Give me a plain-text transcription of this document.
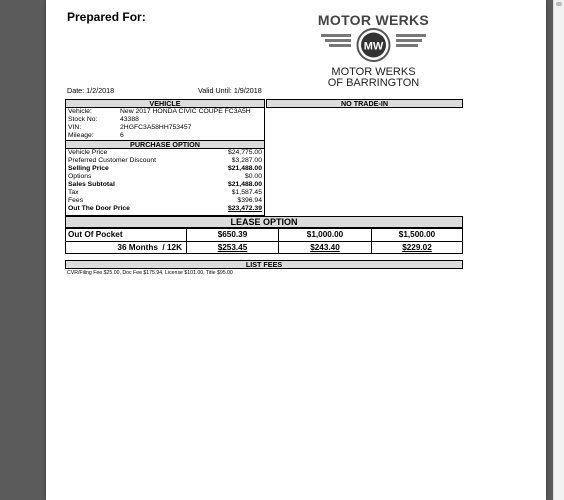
Prepared For:	MOTOR WERKS
MW
MOTOR WERKS
OF BARRINGTON
Date: 1/2/2018	Valid Until: 1/9/2018
VEHICLE	NO TRADE-IN
Vehicle:	New 2017 HONDA CIVIC COUPE FC3A5H
Stock No:	43388
VIN:	2HGFC3A58HH753457
Mileage:	6
PURCHASE OPTION
Vehicle Price	$24,775.00
Preferred Customer Discount	$3,287.00
Selling Price	$21,488.00
Options	$0.00
Sales Subtotal	$21,488.00
Tax	$1,587.45
Fees	$396.94
Out The Door Price	$23,472.39
LEASE OPTION
Out Of Pocket	$650.39	$1,000.00	$1,500.00
36 Months  / 12K	$253.45	$243.40	$229.02
LIST FEES
CVR/Filing Fee $25.00, Doc Fee $175.94, License $101.00, Title $95.00
